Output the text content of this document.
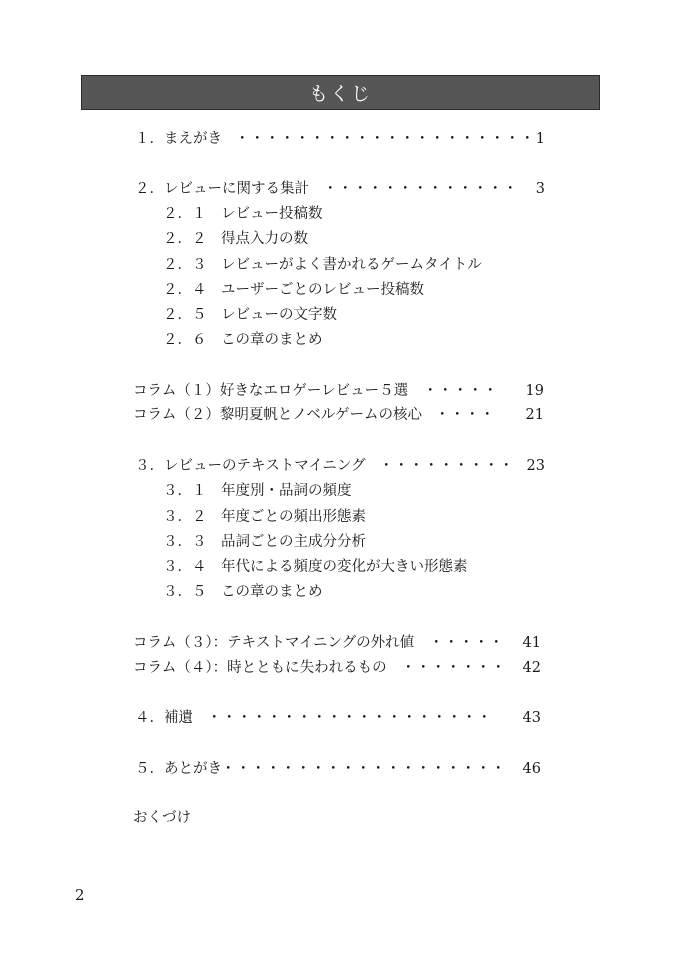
もくじ
１．まえがき ・・・・・・・・・・・・・・・・・・・・ 1
２．レビューに関する集計 ・・・・・・・・・・・・・	3
２．１　レビュー投稿数
２．２　得点入力の数
２．３　レビューがよく書かれるゲームタイトル
２．４　ユーザーごとのレビュー投稿数
２．５　レビューの文字数
２．６　この章のまとめ
コラム（１）好きなエロゲーレビュー５選 ・・・・・	19
コラム（２）黎明夏帆とノベルゲームの核心 ・・・・	21
３．レビューのテキストマイニング ・・・・・・・・・ 23
３．１　年度別・品詞の頻度
３．２　年度ごとの頻出形態素
３．３　品詞ごとの主成分分析
３．４　年代による頻度の変化が大きい形態素
３．５　この章のまとめ
コラム（３）：テキストマイニングの外れ値 ・・・・・	41
コラム（４）：時とともに失われるもの ・・・・・・・	42
４．補遺 ・・・・・・・・・・・・・・・・・・・	43
５．あとがき ・・・・・・・・・・・・・・・・・・・	46
おくづけ
2
